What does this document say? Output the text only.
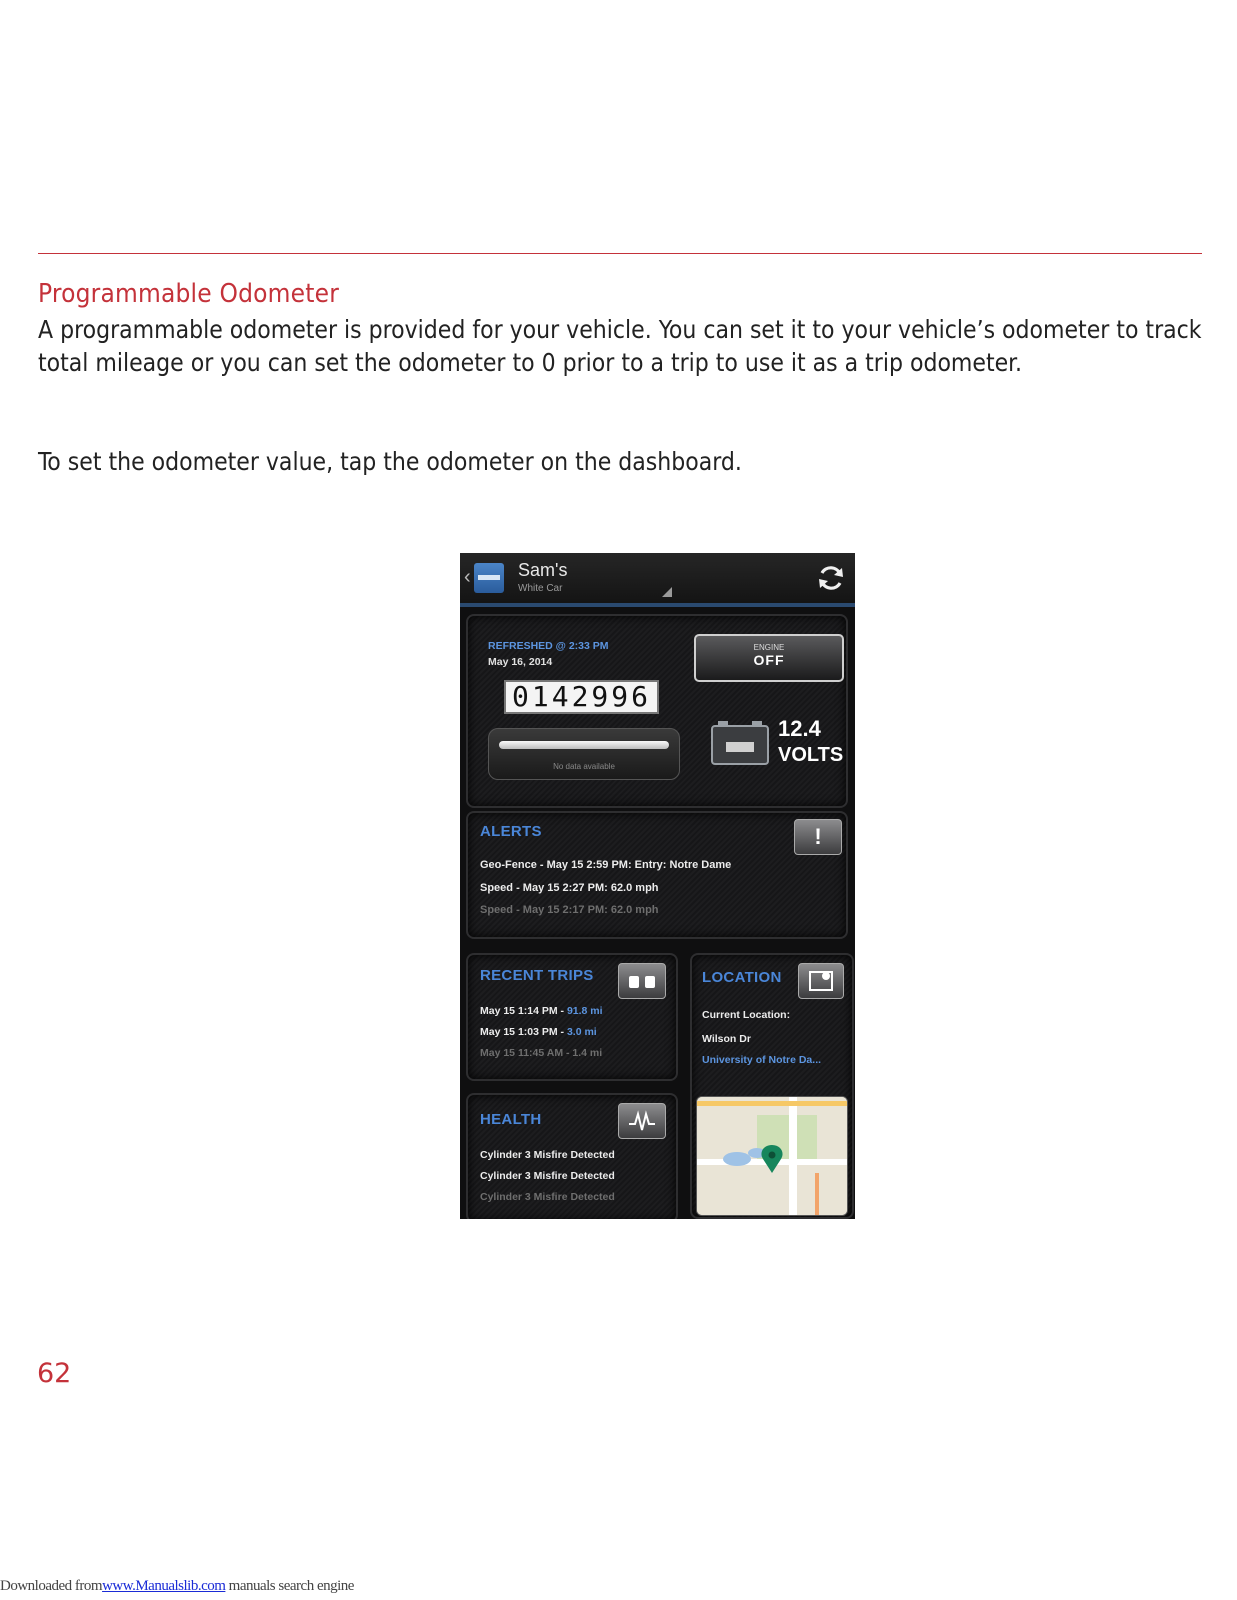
Programmable Odometer

A programmable odometer is provided for your vehicle. You can set it to your vehicle’s odometer to track total mileage or you can set the odometer to 0 prior to a trip to use it as a trip odometer.

To set the odometer value, tap the odometer on the dashboard.

‹	Sam's
White Car
REFRESHED @ 2:33 PM
May 16, 2014
0142996
ENGINE
OFF
No data available
12.4
VOLTS
ALERTS	!
Geo-Fence - May 15 2:59 PM: Entry: Notre Dame
Speed - May 15 2:27 PM: 62.0 mph
Speed - May 15 2:17 PM: 62.0 mph
RECENT TRIPS
May 15 1:14 PM - 91.8 mi
May 15 1:03 PM - 3.0 mi
May 15 11:45 AM - 1.4 mi
LOCATION
Current Location:
Wilson Dr
University of Notre Da...
HEALTH
Cylinder 3 Misfire Detected
Cylinder 3 Misfire Detected
Cylinder 3 Misfire Detected
62
Downloaded fromwww.Manualslib.com manuals search engine
